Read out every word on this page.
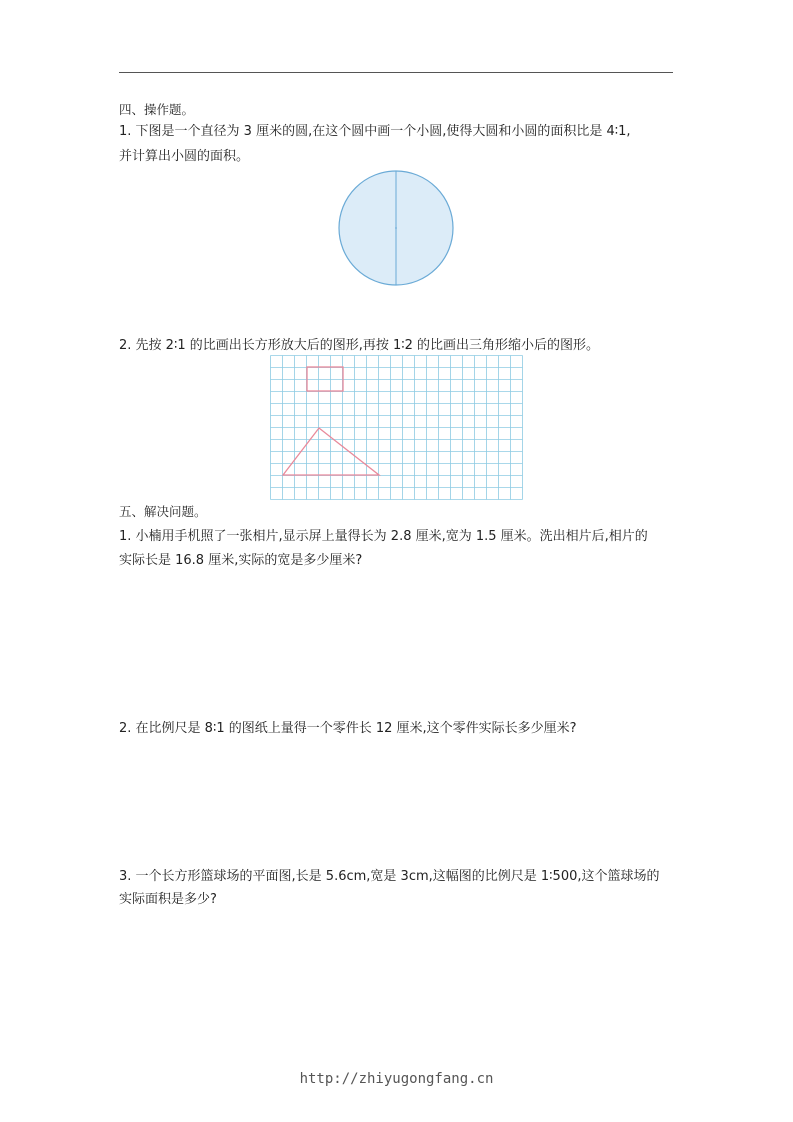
四、操作题。
1. 下图是一个直径为 3 厘米的圆,在这个圆中画一个小圆,使得大圆和小圆的面积比是 4∶1,
并计算出小圆的面积。
2. 先按 2∶1 的比画出长方形放大后的图形,再按 1∶2 的比画出三角形缩小后的图形。
五、解决问题。
1. 小楠用手机照了一张相片,显示屏上量得长为 2.8 厘米,宽为 1.5 厘米。洗出相片后,相片的
实际长是 16.8 厘米,实际的宽是多少厘米?
2. 在比例尺是 8∶1 的图纸上量得一个零件长 12 厘米,这个零件实际长多少厘米?
3. 一个长方形篮球场的平面图,长是 5.6cm,宽是 3cm,这幅图的比例尺是 1∶500,这个篮球场的
实际面积是多少?
http://zhiyugongfang.cn
